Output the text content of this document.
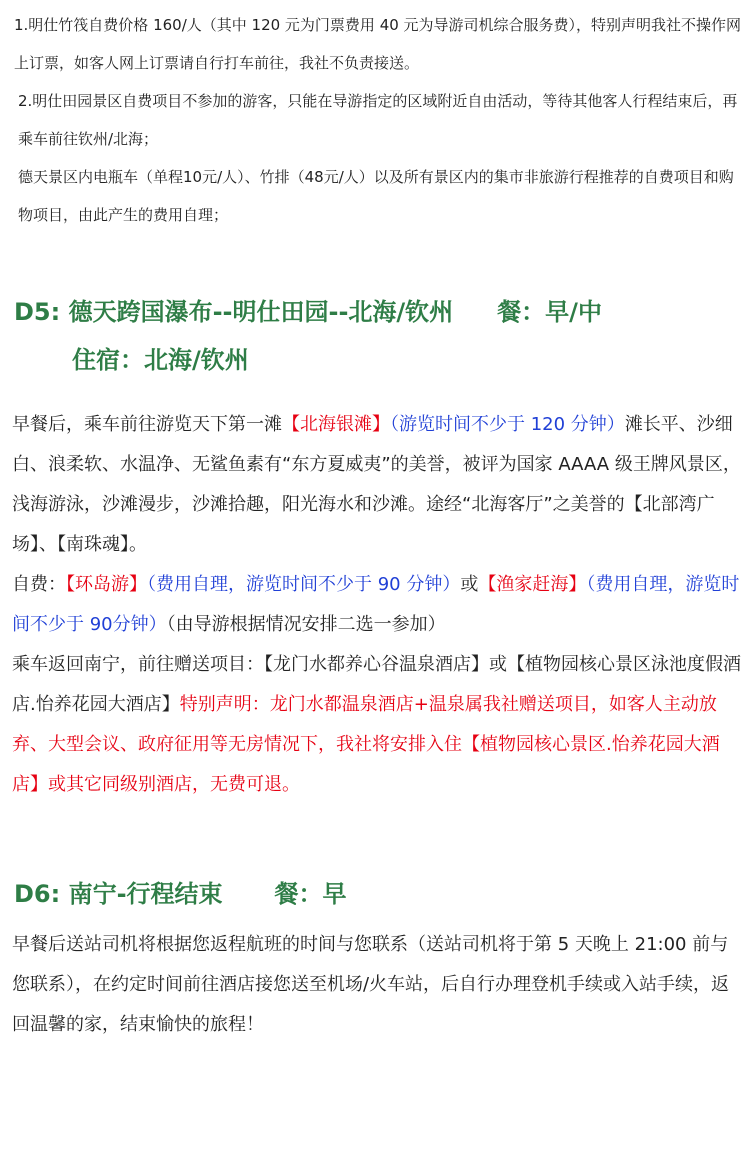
1.明仕竹筏自费价格 160/人（其中 120 元为门票费用 40 元为导游司机综合服务费），特别声明我社不操作网上订票，如客人网上订票请自行打车前往，我社不负责接送。

2.明仕田园景区自费项目不参加的游客，只能在导游指定的区域附近自由活动，等待其他客人行程结束后，再乘车前往钦州/北海；

德天景区内电瓶车（单程10元/人）、竹排（48元/人）以及所有景区内的集市非旅游行程推荐的自费项目和购物项目，由此产生的费用自理；

D5: 德天跨国瀑布--明仕田园--北海/钦州 餐：早/中
住宿：北海/钦州

早餐后，乘车前往游览天下第一滩【北海银滩】（游览时间不少于 120 分钟）滩长平、沙细白、浪柔软、水温净、无鲨鱼素有“东方夏威夷”的美誉，被评为国家 AAAA 级王牌风景区，浅海游泳，沙滩漫步，沙滩拾趣，阳光海水和沙滩。途经“北海客厅”之美誉的【北部湾广场】、【南珠魂】。

自费：【环岛游】（费用自理，游览时间不少于 90 分钟）或【渔家赶海】（费用自理，游览时间不少于 90分钟）（由导游根据情况安排二选一参加）

乘车返回南宁，前往赠送项目：【龙门水都养心谷温泉酒店】或【植物园核心景区泳池度假酒店.怡养花园大酒店】特别声明：龙门水都温泉酒店+温泉属我社赠送项目，如客人主动放弃、大型会议、政府征用等无房情况下，我社将安排入住【植物园核心景区.怡养花园大酒店】或其它同级别酒店，无费可退。

D6: 南宁-行程结束 餐：早

早餐后送站司机将根据您返程航班的时间与您联系（送站司机将于第 5 天晚上 21:00 前与您联系），在约定时间前往酒店接您送至机场/火车站，后自行办理登机手续或入站手续，返回温馨的家，结束愉快的旅程！
